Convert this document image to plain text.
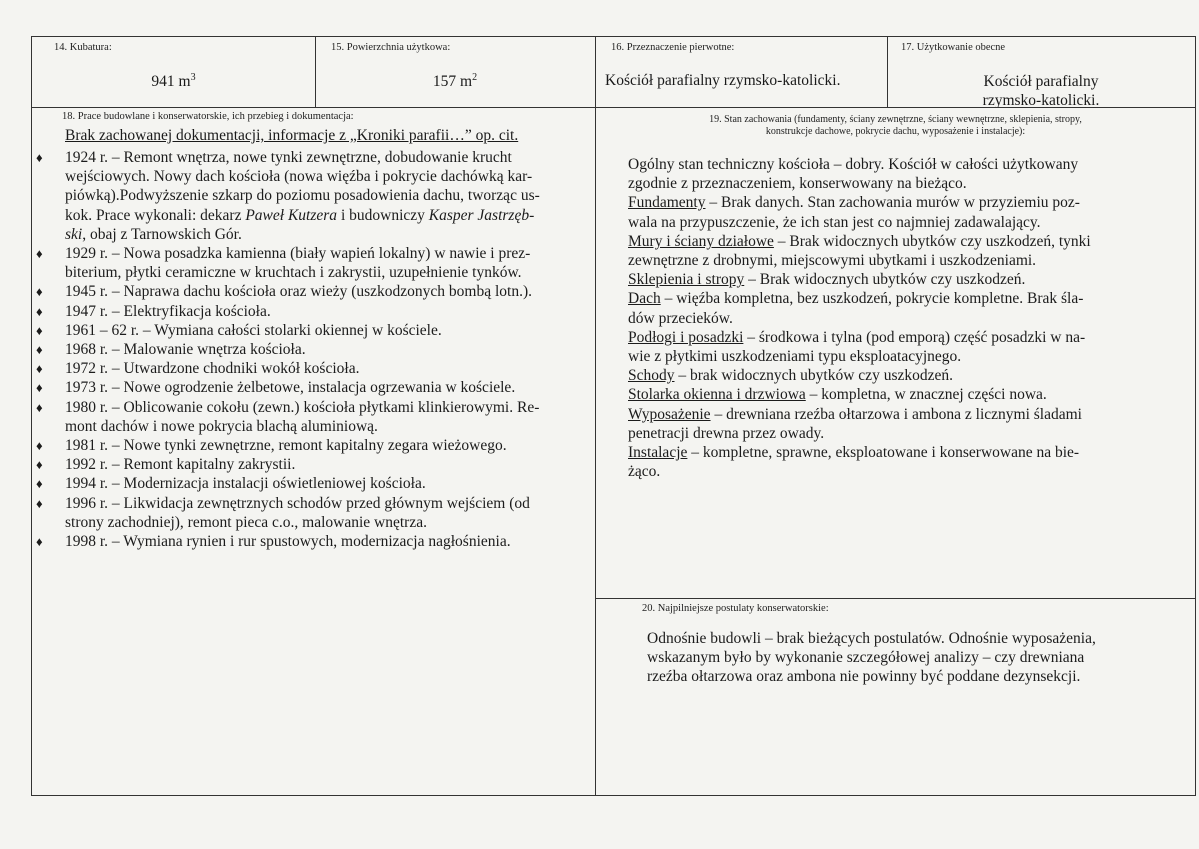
14. Kubatura:
941 $m^3$
15. Powierzchnia użytkowa:
157 $m^2$
16. Przeznaczenie pierwotne:
Kościół parafialny rzymsko-katolicki.
17. Użytkowanie obecne
Kościół parafialny
rzymsko-katolicki.
18. Prace budowlane i konserwatorskie, ich przebieg i dokumentacja:
Brak zachowanej dokumentacji, informacje z „Kroniki parafii…” op. cit.
♦ 1924 r. – Remont wnętrza, nowe tynki zewnętrzne, dobudowanie krucht
wejściowych. Nowy dach kościoła (nowa więźba i pokrycie dachówką kar-
piówką).Podwyższenie szkarp do poziomu posadowienia dachu, tworząc us-
kok. Prace wykonali: dekarz Paweł Kutzera i budowniczy Kasper Jastrzęb-
ski, obaj z Tarnowskich Gór.
♦ 1929 r. – Nowa posadzka kamienna (biały wapień lokalny) w nawie i prez-
biterium, płytki ceramiczne w kruchtach i zakrystii, uzupełnienie tynków.
♦ 1945 r. – Naprawa dachu kościoła oraz wieży (uszkodzonych bombą lotn.).
♦ 1947 r. – Elektryfikacja kościoła.
♦ 1961 – 62 r. – Wymiana całości stolarki okiennej w kościele.
♦ 1968 r. – Malowanie wnętrza kościoła.
♦ 1972 r. – Utwardzone chodniki wokół kościoła.
♦ 1973 r. – Nowe ogrodzenie żelbetowe, instalacja ogrzewania w kościele.
♦ 1980 r. – Oblicowanie cokołu (zewn.) kościoła płytkami klinkierowymi. Re-
mont dachów i nowe pokrycia blachą aluminiową.
♦ 1981 r. – Nowe tynki zewnętrzne, remont kapitalny zegara wieżowego.
♦ 1992 r. – Remont kapitalny zakrystii.
♦ 1994 r. – Modernizacja instalacji oświetleniowej kościoła.
♦ 1996 r. – Likwidacja zewnętrznych schodów przed głównym wejściem (od
strony zachodniej), remont pieca c.o., malowanie wnętrza.
♦ 1998 r. – Wymiana rynien i rur spustowych, modernizacja nagłośnienia.
19. Stan zachowania (fundamenty, ściany zewnętrzne, ściany wewnętrzne, sklepienia, stropy,
konstrukcje dachowe, pokrycie dachu, wyposażenie i instalacje):

Ogólny stan techniczny kościoła – dobry. Kościół w całości użytkowany

zgodnie z przeznaczeniem, konserwowany na bieżąco.

Fundamenty – Brak danych. Stan zachowania murów w przyziemiu poz-

wala na przypuszczenie, że ich stan jest co najmniej zadawalający.

Mury i ściany działowe – Brak widocznych ubytków czy uszkodzeń, tynki

zewnętrzne z drobnymi, miejscowymi ubytkami i uszkodzeniami.

Sklepienia i stropy – Brak widocznych ubytków czy uszkodzeń.

Dach – więźba kompletna, bez uszkodzeń, pokrycie kompletne. Brak śla-

dów przecieków.

Podłogi i posadzki – środkowa i tylna (pod emporą) część posadzki w na-

wie z płytkimi uszkodzeniami typu eksploatacyjnego.

Schody – brak widocznych ubytków czy uszkodzeń.

Stolarka okienna i drzwiowa – kompletna, w znacznej części nowa.

Wyposażenie – drewniana rzeźba ołtarzowa i ambona z licznymi śladami

penetracji drewna przez owady.

Instalacje – kompletne, sprawne, eksploatowane i konserwowane na bie-

żąco.

20. Najpilniejsze postulaty konserwatorskie:

Odnośnie budowli – brak bieżących postulatów. Odnośnie wyposażenia,

wskazanym było by wykonanie szczegółowej analizy – czy drewniana

rzeźba ołtarzowa oraz ambona nie powinny być poddane dezynsekcji.
